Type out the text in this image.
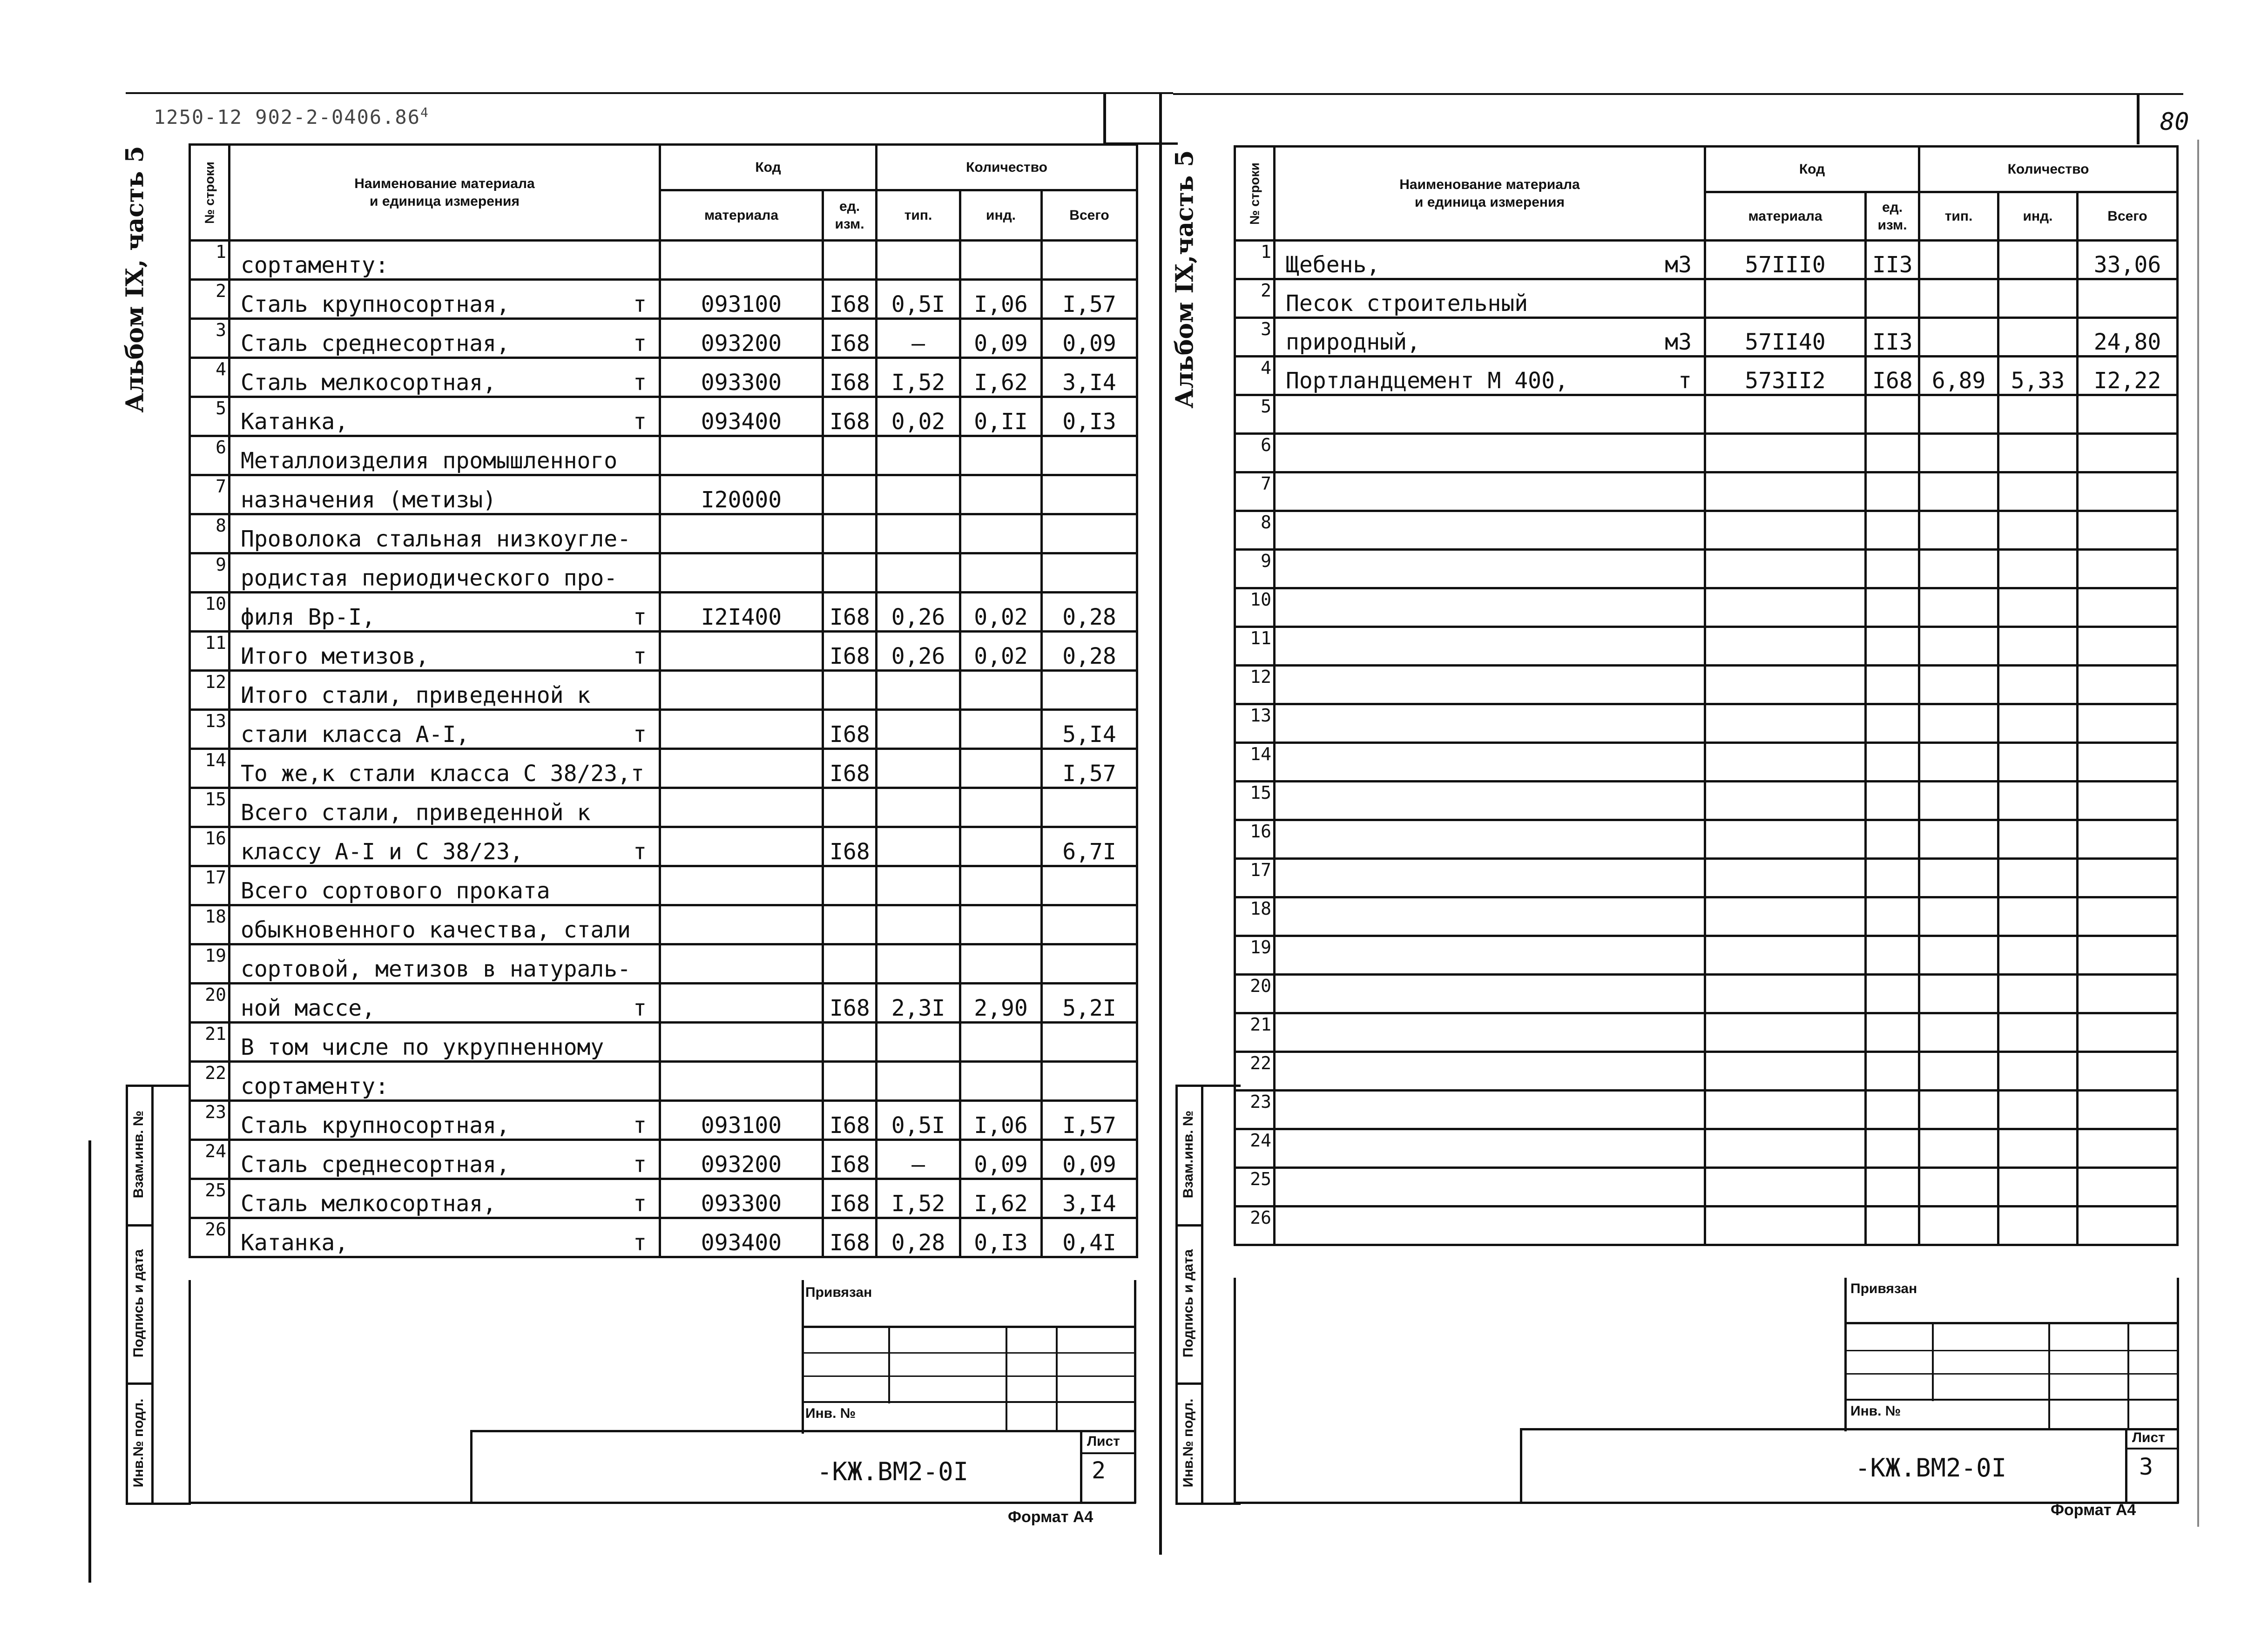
1250-12 902-2-0406.86$^4$	80
Альбом IX, часть 5	Альбом IX,часть 5
Взам.инв. №
Подпись и дата
Инв.№ подл.
Взам.инв. №
Подпись и дата
Инв.№ подл.
№ строки	Наименование материала
и единица измерения	Код		Количество		
		материала	ед. изм.	тип.	инд.	Всего
1	сортаменту:					

2	Сталь крупносортная, т	093100	I68	0,5I	I,06	I,57
3	Сталь среднесортная, т	093200	I68	–	0,09	0,09
4	Сталь мелкосортная, т	093300	I68	I,52	I,62	3,I4
5	Катанка, т	093400	I68	0,02	0,II	0,I3
6	Металлоизделия промышленного					

7	назначения (метизы)	I20000				
8	Проволока стальная низкоугле-					

9	родистая периодического про-					

10	филя Вр-I, т	I2I400	I68	0,26	0,02	0,28
11	Итого метизов, т		I68	0,26	0,02	0,28
12	Итого стали, приведенной к					

13	стали класса А-I, т		I68			5,I4
14	То же,к стали класса С 38/23,т		I68			I,57
15	Всего стали, приведенной к					

16	классу А-I и С 38/23, т		I68			6,7I
17	Всего сортового проката					

18	обыкновенного качества, стали					

19	сортовой, метизов в натураль-					

20	ной массе, т		I68	2,3I	2,90	5,2I
21	В том числе по укрупненному					

22	сортаменту:					

23	Сталь крупносортная, т	093100	I68	0,5I	I,06	I,57
24	Сталь среднесортная, т	093200	I68	–	0,09	0,09
25	Сталь мелкосортная, т	093300	I68	I,52	I,62	3,I4
26	Катанка, т	093400	I68	0,28	0,I3	0,4I
Привязан
Инв. №
Лист
-КЖ.ВМ2-0I	2
Формат А4
№ строки	Наименование материала
и единица измерения	Код		Количество		
		материала	ед. изм.	тип.	инд.	Всего
1	Щебень, м3	57III0	II3			33,06
2	Песок строительный					

3	природный, м3	57II40	II3			24,80
4	Портландцемент М 400, т	573II2	I68	6,89	5,33	I2,22
5	

6	

7	

8	

9	

10	

11	

12	

13	

14	

15	

16	

17	

18	

19	

20	

21	

22	

23	

24	

25	

26	

Привязан
Инв. №
Лист
-КЖ.ВМ2-0I	3
Формат А4
